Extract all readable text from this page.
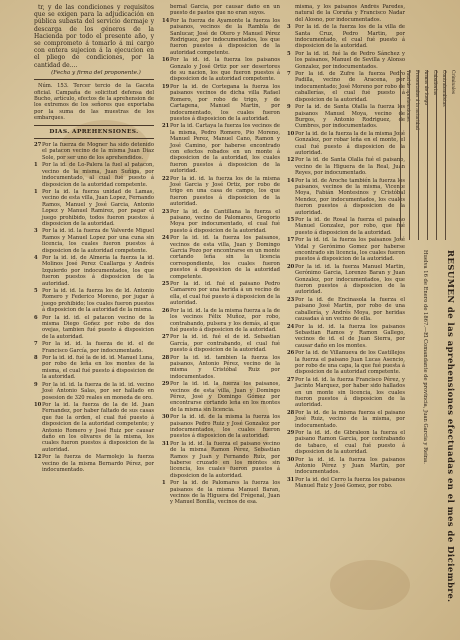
tr, y de las condiciones y requisitos que se exigen para la adjudicación en pública subasta del servicio dermaje y descarga de los géneros de la Hacienda por todo el presente año, y se comprometo á tomarlo á mi cargo con entera sujecion á la ejecucion en el pliego de condiciones, por la cantidad de....

(Fecha y firma del proponente.)

Núm. 153. Tercer tercio de la Gaceta oficial. Campaña de solicitud defensa del Bucho, artículo, efectos de la aprehension de los extremos de los señores que exportaba por la suma de las muestras de los embarques.

DIAS. APREHENSIONES.

27 Por la fuerza de Mogner ha sido detenido el patacon vecino de la misma Juan Diaz Sole, por ser uno de los aprehendidos.

1 Por la id. de Lo-Palera la fuel al patacon, vecino de la misma, Juan Suñiga, por indocumentado, al cual fué puesto á disposicion de la autoridad competente.

1 Por la id. la fuerza unidad de Lamas, vecino de esta villa, Juan Lopez, Fernando Ramos, Manuel y José Garcia, Antonio Lopez y Manuel Ramirez, por pagar el juego prohibido, todos fueron puestos á disposicion de la autoridad.

3 Por la id. id. la fuerza de Valverde Miguel Ramos y Manuel Lopez por una cuna sin licencia, los cuales fueron puestos á disposicion de la autoridad competente.

4 Por la id. id. de Almeria la fuerza la id. Molinos José Perez Cuallarga y Andrés Izquierdo por indocumentados, los que fueron puestos á disposicion de la autoridad.

5 Por la id. id. la fuerza los de ld. Antonio Romero y Federico Moreno, por jugar á juego prohibido; los cuales fueron puestos á disposicion de la autoridad de la misma.

6 Por la id. id. el patacon vecino de la misma Diego Goñez por robo de dos ovejas, tambien fué puesto á disposicion de la autoridad.

7 Por la id. id. la fuerza de id. el de Francisco García, por indocumentado.

8 Por la id. id. fué la de id. id. Manuel Luna, por robo de leña en los montes de la misma, el cual fué puesto á disposicion de la autoridad.

9 Por la id. id. la fuerza de la id. id. vecino José Antonio Salas, por ser hallado en posesion de 320 reales en moneda de oro.

10 Por la id. la fuerza de la de ld. Juan Fernandez, por haber faltado de sus casas que fue la orden, el cual fué puesto á disposicion de la autoridad competente; y Antonio Romero y José Ruiz por causar daño en los olivares de la misma, los cuales fueron puestos á disposicion de la autoridad.

12 Por la fuerza de Marmolejo la fuerza vecino de la misma Bernardo Pérez, por indocumentado.

bernal Garcia, por causar daño en un puesto de pastos que no eran suyos.

14 Por la fuerza de Ayamonte la fuerza los paisanos, vecinos de la Rambla de Sanlucar, José de Otero y Manuel Pérez Rodriguez, por indocumentados, los que fueron puestos á disposicion de la autoridad competente.

16 Por la id. id. la fuerza los paisanos Gonzalo y José Ortiz por ser desertores de su nacion, los que fueron puestos á disposicion de la autoridad competente.

19 Por la id. de Cortegana la fuerza los paisanos vecinos de dicha villa Rafael Romero, por robo de trigo, y de Cartagena, Manuel Martin, por indocumentado, los cuales fueron puestos á disposicion de la autoridad.

21 Por la id. Cartaya la fuerza los vecinos de la misma, Pedro Romero, Pio Moreno, Manuel Perez, Manuel Cano, Ramon y José Camino, por haberse encontrado con efectos robados en un monte á disposicion de la autoridad, los cuales fueron puestos á disposicion de la autoridad.

22 Por la id. id. la fuerza los de la misma José Garcia y José Ortiz, por robo de trigo en una casa de campo, los que fueron puestos á disposicion de la autoridad.

23 Por la id. de Cantillana la fuerza el paisano, vecino de Palomares, Gregorio Moya por indocumentado, el cual fué puesto á disposicion de la autoridad.

24 Por la id. id. la fuerza los paisanos, vecinos de esta villa, Juan y Domingo Garcia Pozo por encontrarse en un monte cortando leña sin la licencia correspondiente, los cuales fueron puestos á disposicion de la autoridad competente.

25 Por la id. id. fué el paisano Pedro Camarero por una herida á un vecino de ella, el cual fué puesto á disposicion de la autoridad.

26 Por la id. id. la de la misma fuerza a la de los vecinos Félix Muñoz, por robo, contrabando, pulsera y los demás, al que fué puesto á disposicion de la autoridad.

27 Por la id. id. fué el de id. Sebastian García, por contrabando, el cual fué puesto á disposicion de la autoridad.

28 Por la id. id. tambien la fuerza los paisanos, Antonio Pérez, vecino de la misma y Cristóbal Ruiz por indocumentados.

29 Por la id. id. la fuerza los paisanos, vecinos de esta villa, Juan y Domingo Pérez, José y Domingo Gómez por encontrarse cortando leña en los montes de la misma sin licencia.

30 Por la id. id. de la misma la fuerza los paisanos Pedro Ruiz y José Gonzalez por indocumentados, los cuales fueron puestos á disposicion de la autoridad.

31 Por la id. id. la fuerza el paisano vecino de la misma Ramon Pérez, Sebastian Ramos y Juan y Fernando Ruiz, por haberse cruzado en los montes sin licencia, los cuales fueron puestos á disposicion de la autoridad.

1 Por la id. de Palomares la fuerza los paisanos de la misma Manuel Baran, vecinos de la Higuera del Frégenal, Juan y Manuel Bonilla, vecinos de esa.

misma, y los paisanos Andrés Paredes, natural de la Coruña y Francisco Nadar del Alosno, por indocumentados.

3 Por la id. de la fuerza los de la villa de Santa Cruz, Pedro Martin, por indocumentado, el cual fué puesto á disposicion de la autoridad.

5 Por la id. id. fué la de Pedro Sánchez y los paisanos, Manuel de Sevilla y Alonso Gonzalez, por indocumentados.

7 Por la id. de Zufre la fuerza Pedro Padilla, vecino de Aracena, por indocumentado; José Moreno por robo de caballerías, el cual fué puesto á disposicion de la autoridad.

9 Por la id. de Santa Olalla la fuerza los paisanos Manuel Moya, vecino de Burgos, y Antonio Rodriguez, de Cumbres, por indocumentados.

10 Por la id. de la fuerza la de la misma José Gonzalez, por robar leña en el monte, el cual fué puesto á disposicion de la autoridad.

12 Por la id. de Santa Olalla fué el paisano, vecino de la Higuera de la Real, Juan Reyes, por indocumentado.

14 Por la id. de Aroche también la fuerza los paisanos, vecinos de la misma, Vicente Moya, Fabián Montesinos y Cristóbal Mendez, por indocumentados, los cuales fueron puestos á disposicion de la autoridad.

15 Por la id. de Rosal la fuerza el paisano Manuel Gonzalez, por robo, que fué puesto á disposicion de la autoridad.

17 Por la id. id. la fuerza los paisanos José Vidal y Gerónimo Gomez por haberse encontrado sin licencia, los cuales fueron puestos á disposicion de la autoridad.

20 Por la id. id. la fuerza Manuel Martin, Gerónimo Garcia, Lorenzo Baran y Juan Gonzalez, por indocumentados, los que fueron puestos á disposicion de la autoridad.

23 Por la id. de Encinasola la fuerza el paisano José Martin, por robo de una caballería, y Andrés Moya, por heridas causadas á un vecino de ella.

24 Por la id. id. la fuerza los paisanos Sebastian Ramos y Ramon Gallego, vecinos de id. el de Juan Sierra, por causar daño en los montes.

26 Por la id. de Villanueva de los Castillejos la fuerza el paisano Juan Lucas Asencio, por robo de una capa, la que fué puesta á disposicion de la autoridad competente.

27 Por la id. id. la fuerza Francisco Pérez, y Jacinto Marquez, por haber sido hallados en un monte sin licencia, los cuales fueron puestos á disposicion de la autoridad.

28 Por la id. de la misma fuerza el paisano José Ruiz, vecino de la misma, por indocumentado.

29 Por la id. id. de Gibraleon la fuerza el paisano Ramon Garcia, por contrabando de tabaco, el cual fué puesto á disposicion de la autoridad.

30 Por la id. id. la fuerza los paisanos Antonio Pérez y Juan Martin, por indocumentados.

31 Por la id. del Cerro la fuerza los paisanos Manuel Ruiz y José Gomez, por robo.

Total de aprehensiones Presentados á la autoridad Armas de fuego Caballerías Contrabandistas Criminales
Huelva 16 de Enero de 1867.—El Comandante de provincia, Juan Garcia y Reina.	RESUMEN de las aprehensiones efectuadas en el mes de Diciembre.
